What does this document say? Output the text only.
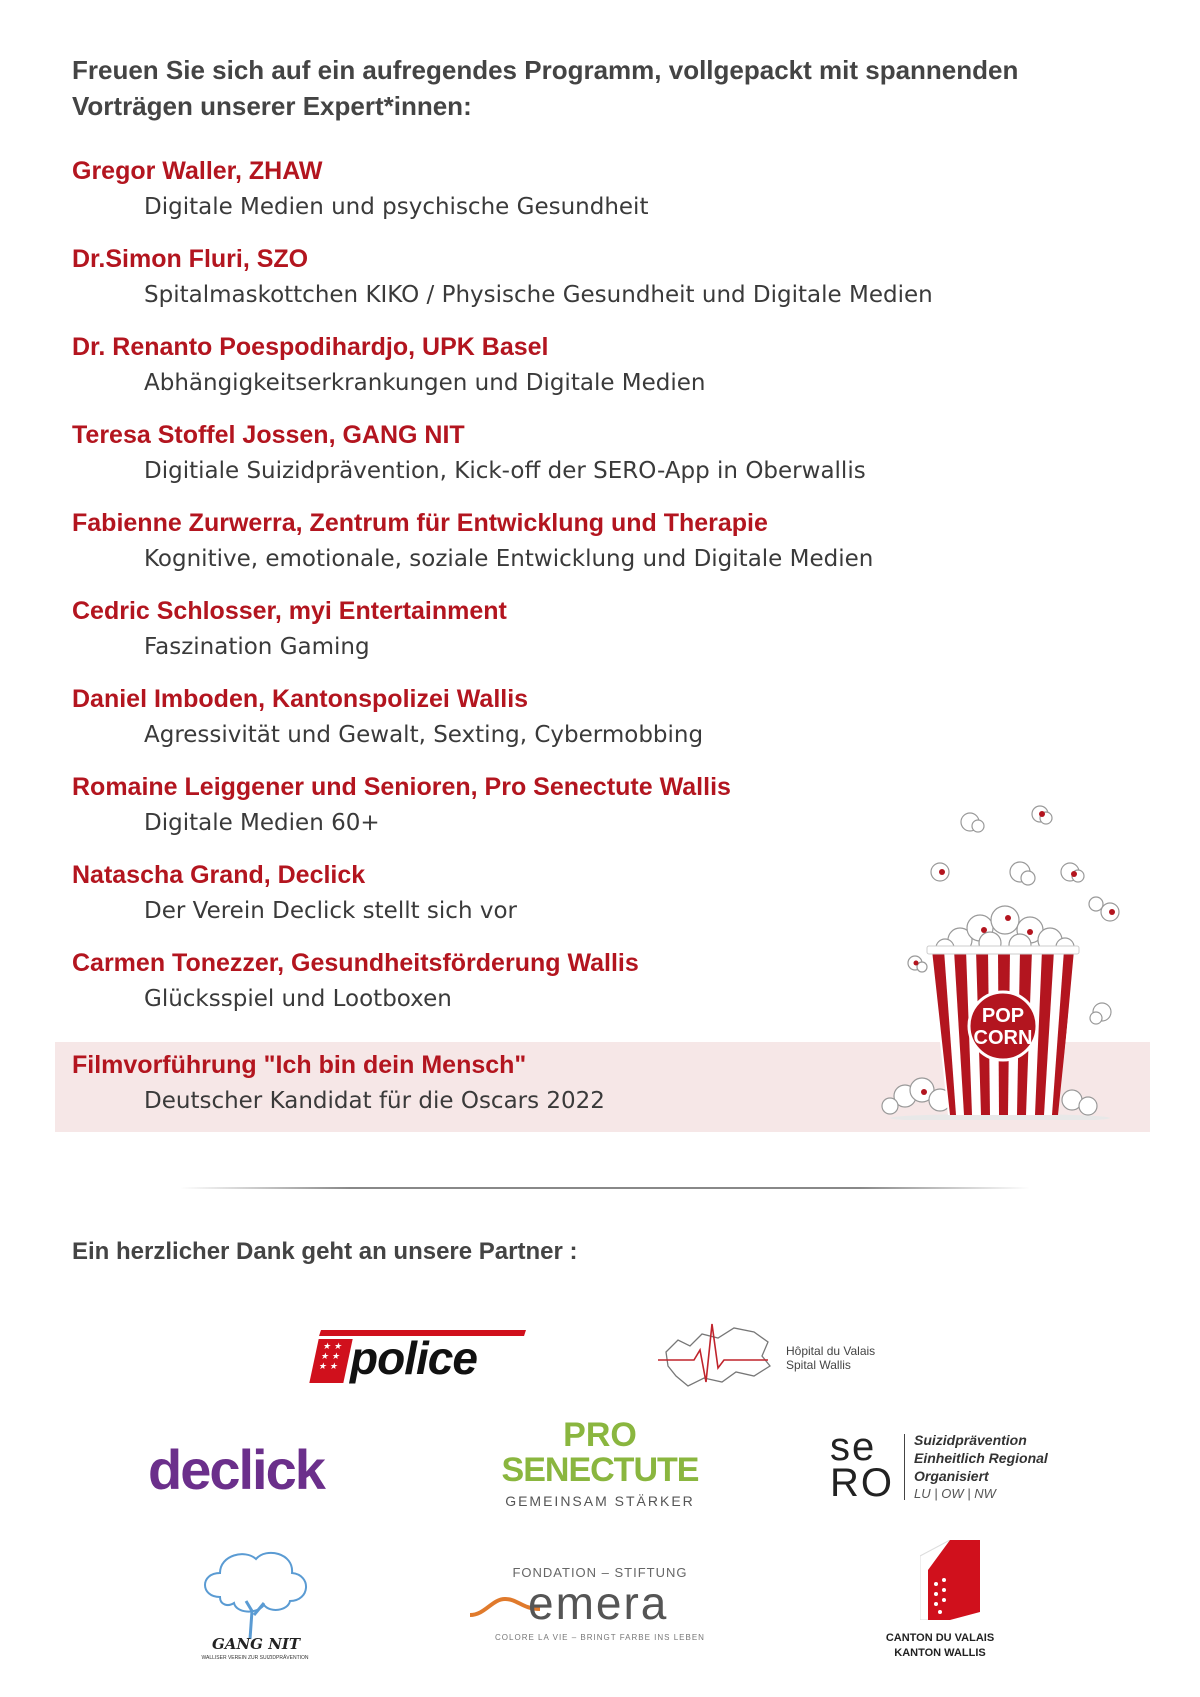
Freuen Sie sich auf ein aufregendes Programm, vollgepackt mit spannenden
Vorträgen unserer Expert*innen:

Gregor Waller, ZHAW

Digitale Medien und psychische Gesundheit

Dr.Simon Fluri, SZO

Spitalmaskottchen KIKO / Physische Gesundheit und Digitale Medien

Dr. Renanto Poespodihardjo, UPK Basel

Abhängigkeitserkrankungen und Digitale Medien

Teresa Stoffel Jossen, GANG NIT

Digitiale Suizidprävention, Kick-off der SERO-App in Oberwallis

Fabienne Zurwerra, Zentrum für Entwicklung und Therapie

Kognitive, emotionale, soziale Entwicklung und Digitale Medien

Cedric Schlosser, myi Entertainment

Faszination Gaming

Daniel Imboden, Kantonspolizei Wallis

Agressivität und Gewalt, Sexting, Cybermobbing

Romaine Leiggener und Senioren, Pro Senectute Wallis

Digitale Medien 60+

Natascha Grand, Declick

Der Verein Declick stellt sich vor

Carmen Tonezzer, Gesundheitsförderung Wallis

Glücksspiel und Lootboxen

Filmvorführung "Ich bin dein Mensch"

Deutscher Kandidat für die Oscars 2022

POP
CORN

Ein herzlicher Dank geht an unsere Partner :

★ ★
★ ★
★ ★ police	Hôpital du Valais
Spital Wallis
declick
PRO
SENECTUTE
GEMEINSAM STÄRKER
se
RO
Suizidprävention
Einheitlich Regional
Organisiert
LU | OW | NW
GANG NIT
WALLISER VEREIN ZUR SUIZIDPRÄVENTION
FONDATION – STIFTUNG
emera
COLORE LA VIE – BRINGT FARBE INS LEBEN	CANTON DU VALAIS
KANTON WALLIS
